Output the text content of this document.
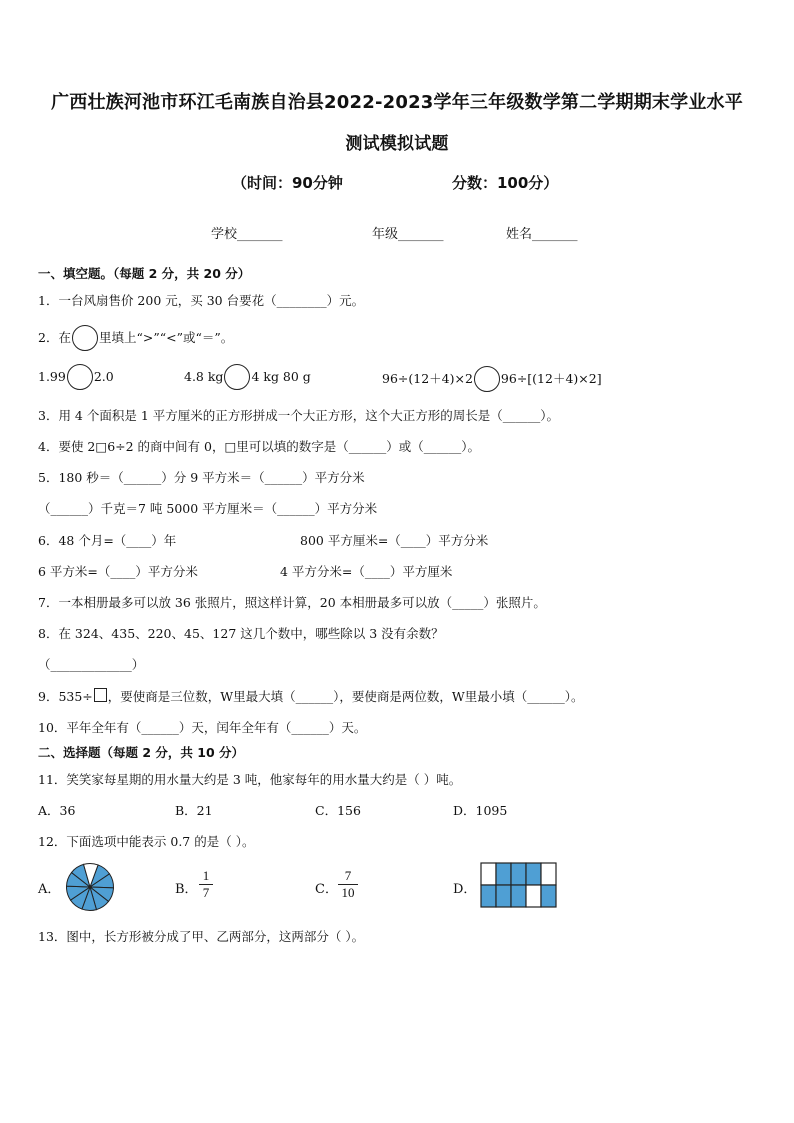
广西壮族河池市环江毛南族自治县2022-2023学年三年级数学第二学期期末学业水平
测试模拟试题
（时间：90分钟	分数：100分）
学校_______	年级_______	姓名_______
一、填空题。（每题 2 分，共 20 分）
1．一台风扇售价 200 元，买 30 台要花（________）元。
2．在 里填上“>”“<”或“＝”。
1.99 2.0	4.8 kg 4 kg 80 g	96÷(12＋4)×2 96÷[(12＋4)×2]
3．用 4 个面积是 1 平方厘米的正方形拼成一个大正方形，这个大正方形的周长是（______）。
4．要使 2□6÷2 的商中间有 0，□里可以填的数字是（______）或（______）。
5．180 秒＝（______）分 9 平方米＝（______）平方分米
（______）千克＝7 吨 5000 平方厘米＝（______）平方分米
6．48 个月=（____）年	800 平方厘米=（____）平方分米
6 平方米=（____）平方分米	4 平方分米=（____）平方厘米
7．一本相册最多可以放 36 张照片，照这样计算，20 本相册最多可以放（_____）张照片。
8．在 324、435、220、45、127 这几个数中，哪些除以 3 没有余数？
（_____________）
9．535÷ ，要使商是三位数，W里最大填（______），要使商是两位数，W里最小填（______）。
10．平年全年有（______）天，闰年全年有（______）天。
二、选择题（每题 2 分，共 10 分）
11．笑笑家每星期的用水量大约是 3 吨，他家每年的用水量大约是（ ）吨。
A．36	B．21	C．156	D．1095
12．下面选项中能表示 0.7 的是（ ）。
A．	B．
1
7	C．
7
10	D．
13．图中，长方形被分成了甲、乙两部分，这两部分（ ）。
